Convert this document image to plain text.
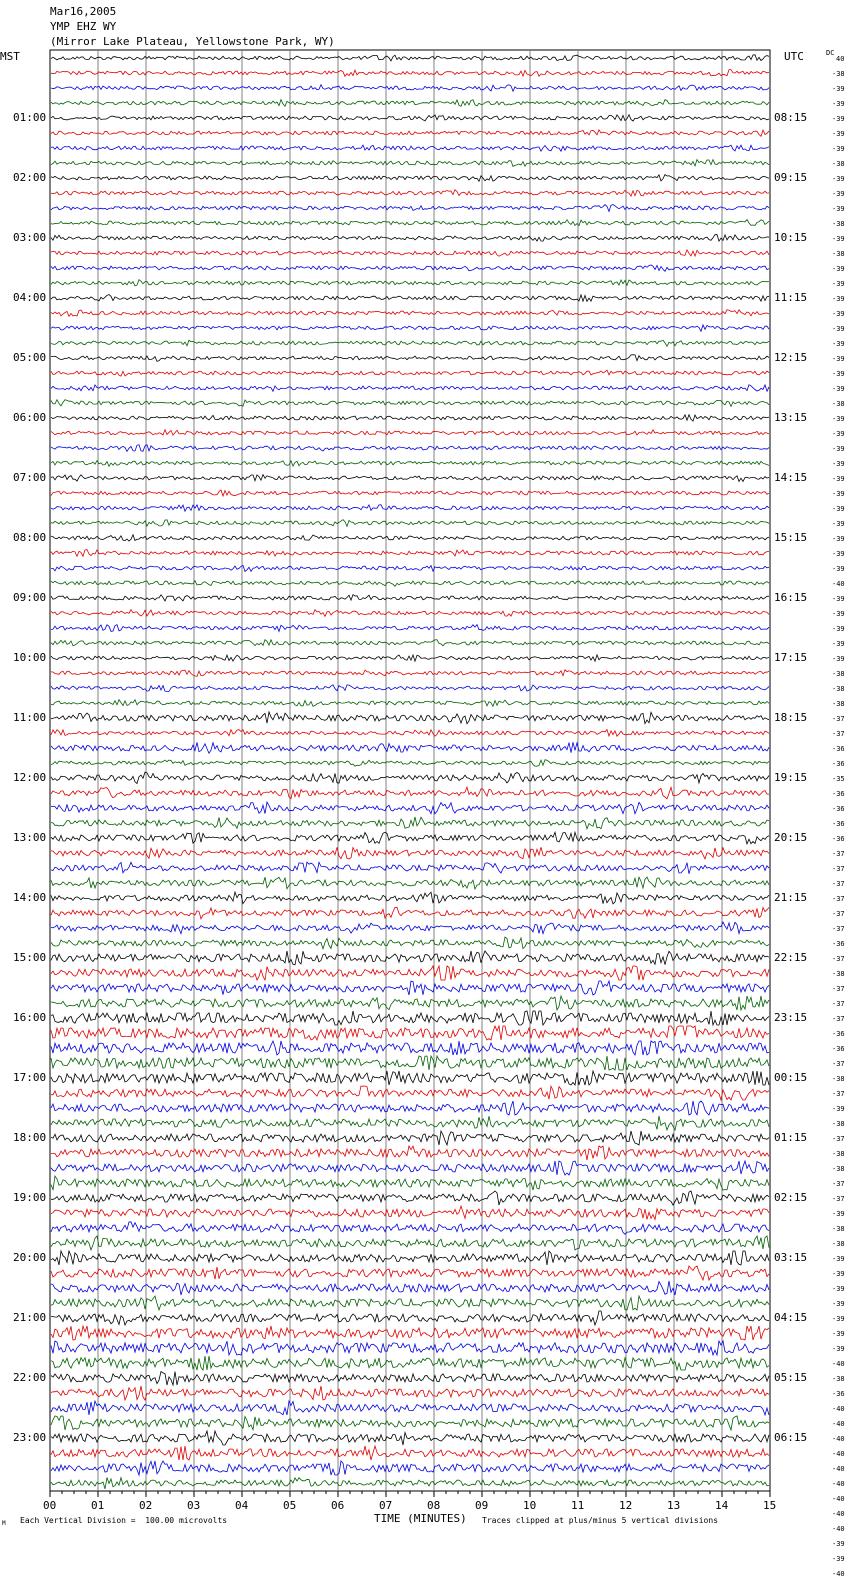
Mar16,2005
YMP EHZ WY
(Mirror Lake Plateau, Yellowstone Park, WY)
MST	UTC	DC
01:00
02:00
03:00
04:00
05:00
06:00
07:00
08:00
09:00
10:00
11:00
12:00
13:00
14:00
15:00
16:00
17:00
18:00
19:00
20:00
21:00
22:00
23:00
08:15
09:15
10:15
11:15
12:15
13:15
14:15
15:15
16:15
17:15
18:15
19:15
20:15
21:15
22:15
23:15
00:15
01:15
02:15
03:15
04:15
05:15
06:15
40
-38
-39
-39
-39
-39
-39
-38
-39
-39
-39
-38
-39
-38
-39
-39
-39
-39
-39
-39
-39
-39
-39
-38
-39
-39
-39
-39
-39
-39
-39
-39
-39
-39
-39
-40
-39
-39
-39
-39
-39
-38
-38
-38
-37
-37
-36
-36
-35
-36
-36
-36
-36
-37
-37
-37
-37
-37
-37
-36
-37
-38
-37
-37
-37
-36
-36
-37
-38
-37
-39
-38
-37
-38
-38
-37
-37
-39
-38
-38
-39
-39
-39
-39
-39
-39
-39
-40
-38
-36
-40
-40
-40
-40
-40
-40
-40
-40
-40
-39
-39
-40
00	01	02	03	04	05	06	07	08	09	10	11	12	13	14	15
TIME (MINUTES)
Each Vertical Division =  100.00 microvolts	Traces clipped at plus/minus 5 vertical divisions
M
